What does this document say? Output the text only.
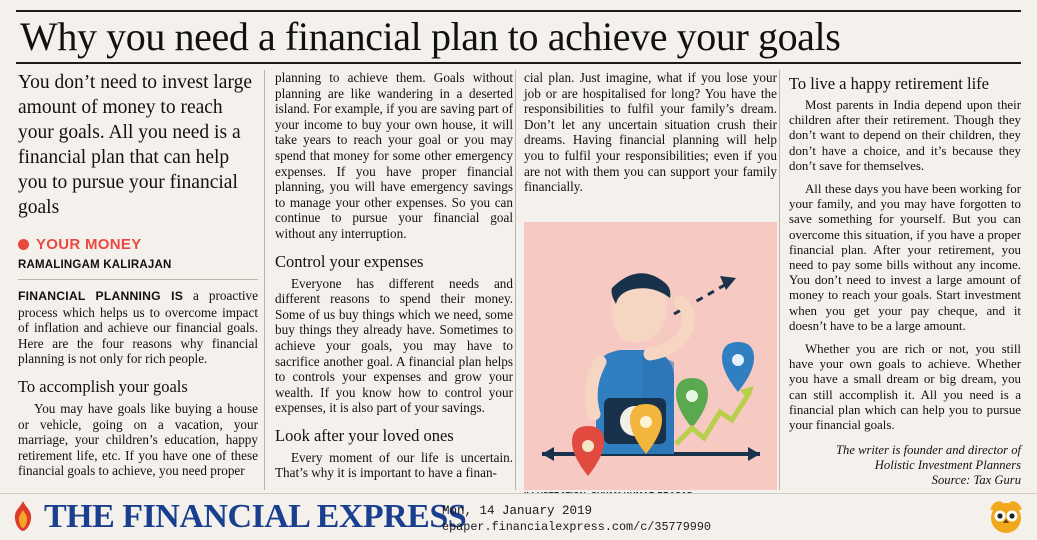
Why you need a financial plan to achieve your goals
You don’t need to invest large amount of money to reach your goals. All you need is a financial plan that can help you to pursue your financial goals
YOUR MONEY
RAMALINGAM KALIRAJAN

FINANCIAL PLANNING IS a proactive process which helps us to overcome impact of inflation and achieve our financial goals. Here are the four reasons why financial planning is not only for rich people.

To accomplish your goals

You may have goals like buying a house or vehicle, going on a vacation, your marriage, your children’s education, happy retirement life, etc. If you have one of these financial goals to achieve, you need proper

planning to achieve them. Goals without planning are like wandering in a deserted island. For example, if you are saving part of your income to buy your own house, it will take years to reach your goal or you may spend that money for some other emergency expenses. If you have proper financial planning, you will have emergency savings to manage your other expenses. So you can continue to pursue your financial goal without any interruption.

Control your expenses

Everyone has different needs and different reasons to spend their money. Some of us buy things which we need, some buy things they already have. Sometimes to achieve your goals, you may have to sacrifice another goal. A financial plan helps to controls your expenses and grow your wealth. If you know how to control your expenses, it is also part of your savings.

Look after your loved ones

Every moment of our life is uncertain. That’s why it is important to have a finan-

cial plan. Just imagine, what if you lose your job or are hospitalised for long? You have the responsibilities to fulfil your family’s dream. Don’t let any uncertain situation crush their dreams. Having financial planning will help you to fulfil your responsibilities; even if you are not with them you can support your family financially.

To live a happy retirement life

Most parents in India depend upon their children after their retirement. Though they don’t want to depend on their children, they don’t have a choice, and it’s because they don’t save for themselves.

All these days you have been working for your family, and you may have forgotten to save something for yourself. But you can overcome this situation, if you have a proper financial plan. After your retirement, you need to pay some bills without any income. You don’t need to invest a large amount of money to reach your goals. Start investment when you get your pay cheque, and it doesn’t have to be a large amount.

Whether you are rich or not, you still have your own goals to achieve. Whether you have a small dream or big dream, you can still accomplish it. All you need is a financial plan which can help you to pursue your financial goals.

The writer is founder and director of
Holistic Investment Planners
Source: Tax Guru
THE FINANCIAL EXPRESS
Mon, 14 January 2019
epaper.financialexpress.com/c/35779990
